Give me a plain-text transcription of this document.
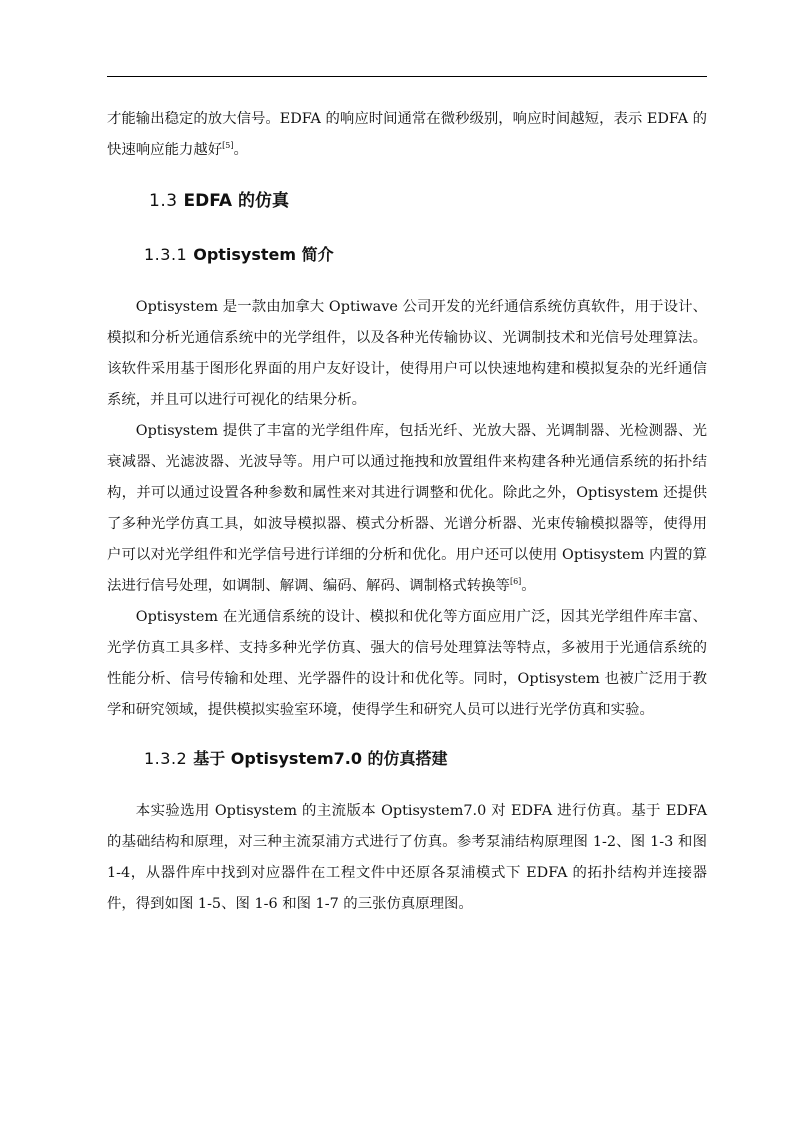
才能输出稳定的放大信号。EDFA 的响应时间通常在微秒级别，响应时间越短，表示 EDFA 的快速响应能力越好[5]。

1.3 EDFA 的仿真
1.3.1 Optisystem 简介

Optisystem 是一款由加拿大 Optiwave 公司开发的光纤通信系统仿真软件，用于设计、模拟和分析光通信系统中的光学组件，以及各种光传输协议、光调制技术和光信号处理算法。该软件采用基于图形化界面的用户友好设计，使得用户可以快速地构建和模拟复杂的光纤通信系统，并且可以进行可视化的结果分析。

Optisystem 提供了丰富的光学组件库，包括光纤、光放大器、光调制器、光检测器、光衰减器、光滤波器、光波导等。用户可以通过拖拽和放置组件来构建各种光通信系统的拓扑结构，并可以通过设置各种参数和属性来对其进行调整和优化。除此之外，Optisystem 还提供了多种光学仿真工具，如波导模拟器、模式分析器、光谱分析器、光束传输模拟器等，使得用户可以对光学组件和光学信号进行详细的分析和优化。用户还可以使用 Optisystem 内置的算法进行信号处理，如调制、解调、编码、解码、调制格式转换等[6]。

Optisystem 在光通信系统的设计、模拟和优化等方面应用广泛，因其光学组件库丰富、光学仿真工具多样、支持多种光学仿真、强大的信号处理算法等特点，多被用于光通信系统的性能分析、信号传输和处理、光学器件的设计和优化等。同时，Optisystem 也被广泛用于教学和研究领域，提供模拟实验室环境，使得学生和研究人员可以进行光学仿真和实验。

1.3.2 基于 Optisystem7.0 的仿真搭建

本实验选用 Optisystem 的主流版本 Optisystem7.0 对 EDFA 进行仿真。基于 EDFA 的基础结构和原理，对三种主流泵浦方式进行了仿真。参考泵浦结构原理图 1-2、图 1-3 和图 1-4，从器件库中找到对应器件在工程文件中还原各泵浦模式下 EDFA 的拓扑结构并连接器件，得到如图 1-5、图 1-6 和图 1-7 的三张仿真原理图。
